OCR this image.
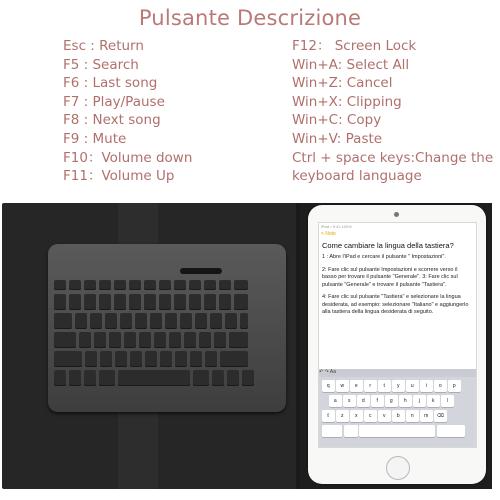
Pulsante Descrizione
Esc : Return
F5 : Search
F6 : Last song
F7 : Play/Pause
F8 : Next song
F9 : Mute
F10：Volume down
F11：Volume Up
F12： Screen Lock
Win+A: Select All
Win+Z: Cancel
Win+X: Clipping
Win+C: Copy
Win+V: Paste
Ctrl + space keys:Change the
keyboard language
iPad • 9:41 100%
< Note
Come cambiare la lingua della tastiera?

1 : Abre l'iPad e cercare il pulsante " Impostazioni".

2: Fare clic sul pulsante Impostazioni e scorrere verso il basso per trovare il pulsante "Generale". 3: Fare clic sul pulsante "Generale" e trovare il pulsante "Tastiera".

4: Fare clic sul pulsante "Tastiera" e selezionare la lingua desiderata, ad esempio: selezionare "Italiano" e aggiungerlo alla tastiera della lingua desiderata di seguito.

↶ ↷ Aa
q	w	e	r	t	y	u	i	o	p
a	s	d	f	g	h	j	k	l
⇧	z	x	c	v	b	n	m	⌫
